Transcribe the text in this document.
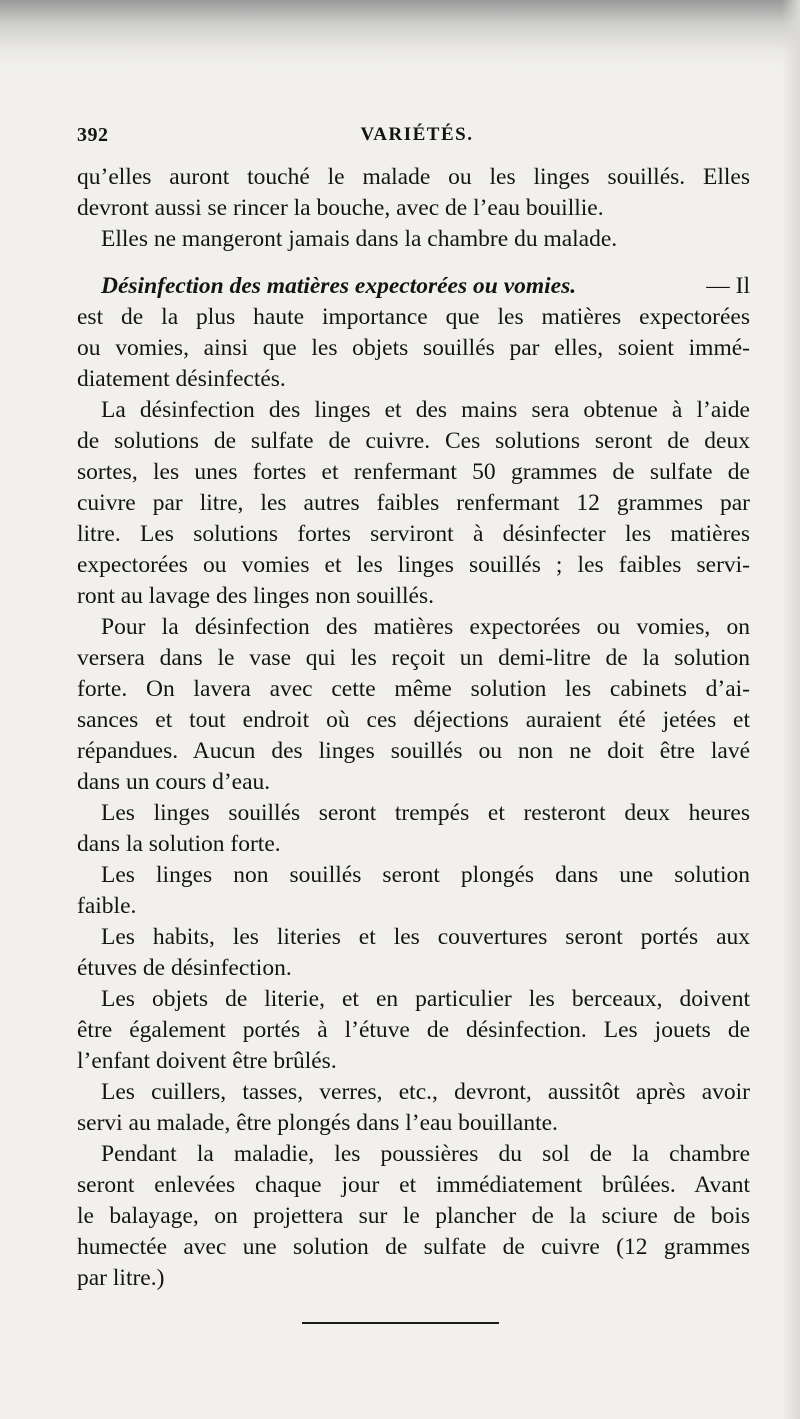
392	VARIÉTÉS.
qu’elles auront touché le malade ou les linges souillés. Elles
devront aussi se rincer la bouche, avec de l’eau bouillie.
Elles ne mangeront jamais dans la chambre du malade.
Désinfection des matières expectorées ou vomies.	— Il
est de la plus haute importance que les matières expectorées
ou vomies, ainsi que les objets souillés par elles, soient immé-
diatement désinfectés.
La désinfection des linges et des mains sera obtenue à l’aide
de solutions de sulfate de cuivre. Ces solutions seront de deux
sortes, les unes fortes et renfermant 50 grammes de sulfate de
cuivre par litre, les autres faibles renfermant 12 grammes par
litre. Les solutions fortes serviront à désinfecter les matières
expectorées ou vomies et les linges souillés ; les faibles servi-
ront au lavage des linges non souillés.
Pour la désinfection des matières expectorées ou vomies, on
versera dans le vase qui les reçoit un demi-litre de la solution
forte. On lavera avec cette même solution les cabinets d’ai-
sances et tout endroit où ces déjections auraient été jetées et
répandues. Aucun des linges souillés ou non ne doit être lavé
dans un cours d’eau.
Les linges souillés seront trempés et resteront deux heures
dans la solution forte.
Les linges non souillés seront plongés dans une solution
faible.
Les habits, les literies et les couvertures seront portés aux
étuves de désinfection.
Les objets de literie, et en particulier les berceaux, doivent
être également portés à l’étuve de désinfection. Les jouets de
l’enfant doivent être brûlés.
Les cuillers, tasses, verres, etc., devront, aussitôt après avoir
servi au malade, être plongés dans l’eau bouillante.
Pendant la maladie, les poussières du sol de la chambre
seront enlevées chaque jour et immédiatement brûlées. Avant
le balayage, on projettera sur le plancher de la sciure de bois
humectée avec une solution de sulfate de cuivre (12 grammes
par litre.)
